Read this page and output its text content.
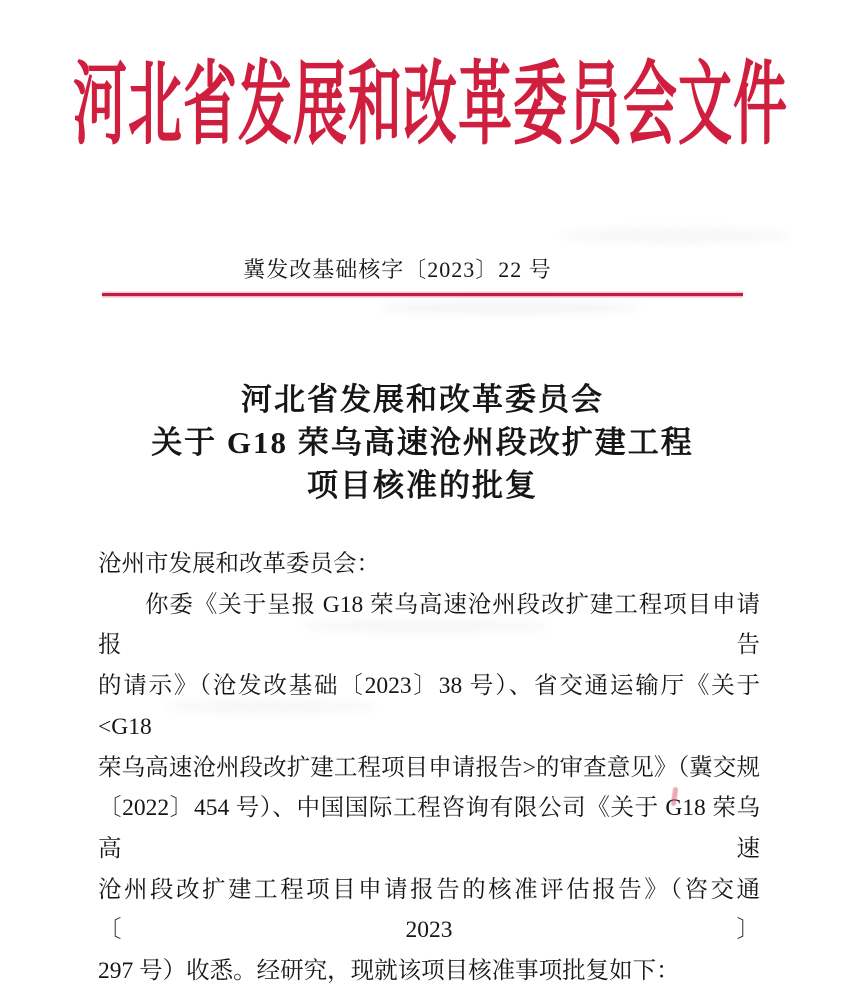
河北省发展和改革委员会文件
冀发改基础核字〔2023〕22 号
河北省发展和改革委员会
关于 G18 荣乌高速沧州段改扩建工程
项目核准的批复
沧州市发展和改革委员会：
你委《关于呈报 G18 荣乌高速沧州段改扩建工程项目申请报告
的请示》（沧发改基础〔2023〕38 号）、省交通运输厅《关于<G18
荣乌高速沧州段改扩建工程项目申请报告>的审查意见》（冀交规
〔2022〕454 号）、中国国际工程咨询有限公司《关于 G18 荣乌高速
沧州段改扩建工程项目申请报告的核准评估报告》（咨交通〔2023〕
297 号）收悉。经研究，现就该项目核准事项批复如下：
